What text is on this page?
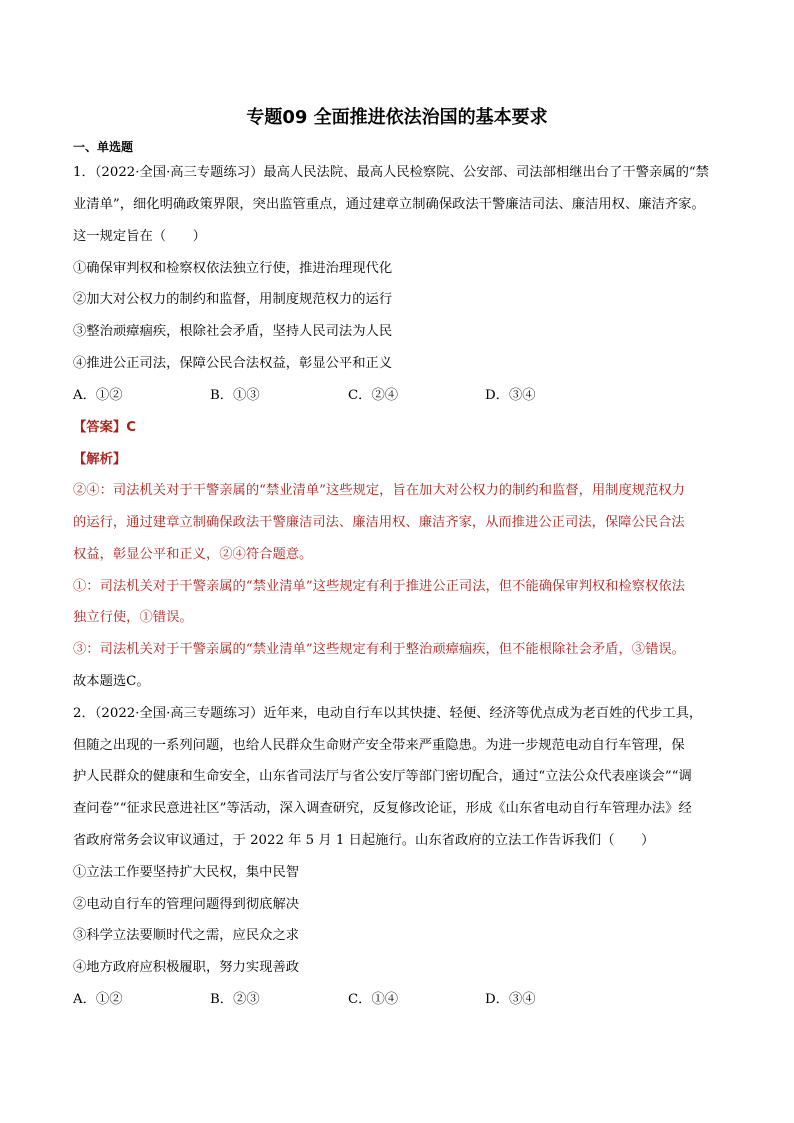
专题09 全面推进依法治国的基本要求
一、单选题
1．（2022·全国·高三专题练习）最高人民法院、最高人民检察院、公安部、司法部相继出台了干警亲属的“禁
业清单”，细化明确政策界限，突出监管重点，通过建章立制确保政法干警廉洁司法、廉洁用权、廉洁齐家。
这一规定旨在（　　）
①确保审判权和检察权依法独立行使，推进治理现代化
②加大对公权力的制约和监督，用制度规范权力的运行
③整治顽瘴痼疾，根除社会矛盾，坚持人民司法为人民
④推进公正司法，保障公民合法权益，彰显公平和正义
A．①②	B．①③	C．②④	D．③④
【答案】C
【解析】
②④：司法机关对于干警亲属的“禁业清单”这些规定，旨在加大对公权力的制约和监督，用制度规范权力
的运行，通过建章立制确保政法干警廉洁司法、廉洁用权、廉洁齐家，从而推进公正司法，保障公民合法
权益，彰显公平和正义，②④符合题意。
①：司法机关对于干警亲属的“禁业清单”这些规定有利于推进公正司法，但不能确保审判权和检察权依法
独立行使，①错误。
③：司法机关对于干警亲属的“禁业清单”这些规定有利于整治顽瘴痼疾，但不能根除社会矛盾，③错误。
故本题选C。
2．（2022·全国·高三专题练习）近年来，电动自行车以其快捷、轻便、经济等优点成为老百姓的代步工具，
但随之出现的一系列问题，也给人民群众生命财产安全带来严重隐患。为进一步规范电动自行车管理，保
护人民群众的健康和生命安全，山东省司法厅与省公安厅等部门密切配合，通过“立法公众代表座谈会”“调
查问卷”“征求民意进社区”等活动，深入调查研究，反复修改论证，形成《山东省电动自行车管理办法》经
省政府常务会议审议通过，于 2022 年 5 月 1 日起施行。山东省政府的立法工作告诉我们（　　）
①立法工作要坚持扩大民权，集中民智
②电动自行车的管理问题得到彻底解决
③科学立法要顺时代之需，应民众之求
④地方政府应积极履职，努力实现善政
A．①②	B．②③	C．①④	D．③④
